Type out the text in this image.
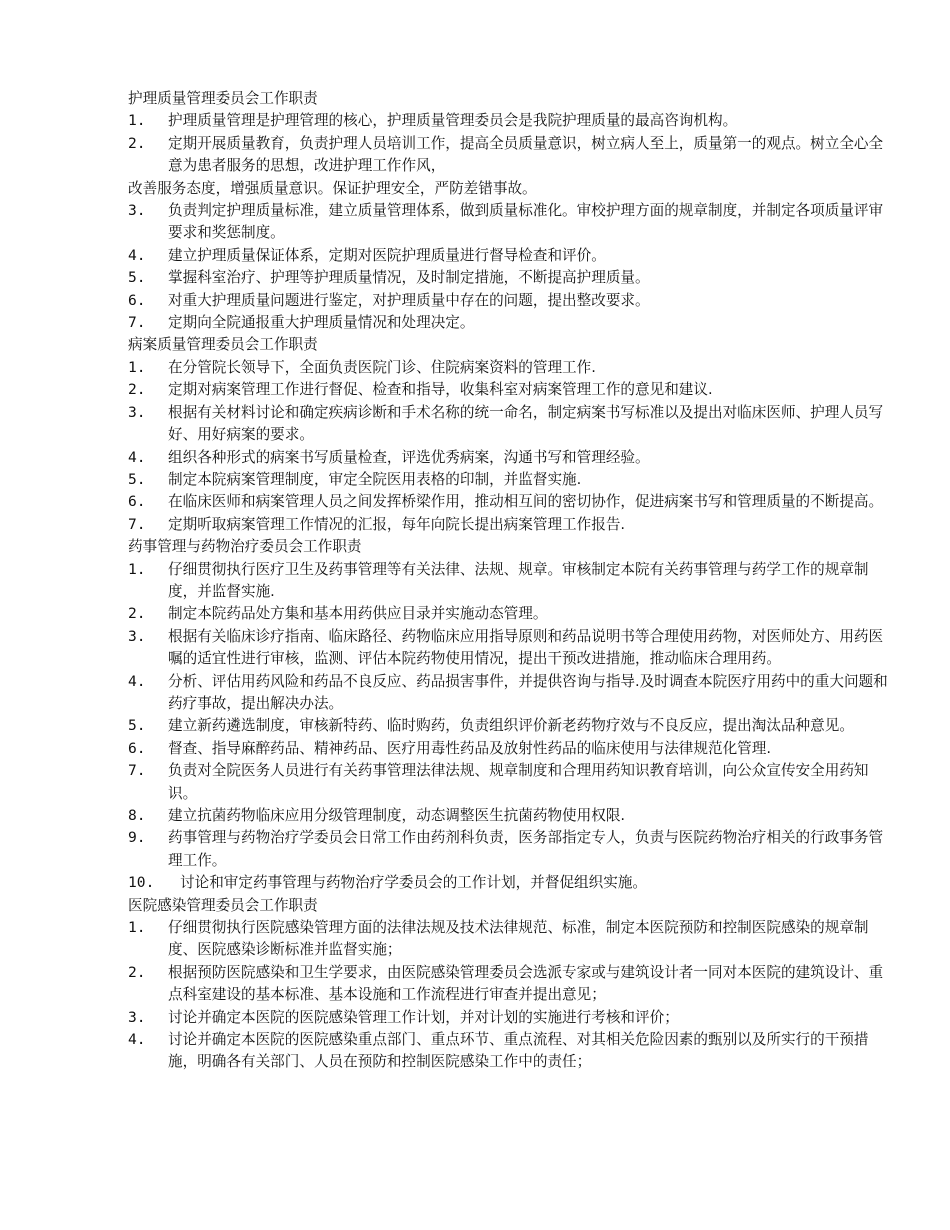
护理质量管理委员会工作职责
1.	护理质量管理是护理管理的核心，护理质量管理委员会是我院护理质量的最高咨询机构。
2.	定期开展质量教育，负责护理人员培训工作，提高全员质量意识，树立病人至上，质量第一的观点。树立全心全意为患者服务的思想，改进护理工作作风，
改善服务态度，增强质量意识。保证护理安全，严防差错事故。
3.	负责判定护理质量标准，建立质量管理体系，做到质量标准化。审校护理方面的规章制度，并制定各项质量评审要求和奖惩制度。
4.	建立护理质量保证体系，定期对医院护理质量进行督导检查和评价。
5.	掌握科室治疗、护理等护理质量情况，及时制定措施，不断提高护理质量。
6.	对重大护理质量问题进行鉴定，对护理质量中存在的问题，提出整改要求。
7.	定期向全院通报重大护理质量情况和处理决定。
病案质量管理委员会工作职责
1.	在分管院长领导下，全面负责医院门诊、住院病案资料的管理工作.
2.	定期对病案管理工作进行督促、检查和指导，收集科室对病案管理工作的意见和建议.
3.	根据有关材料讨论和确定疾病诊断和手术名称的统一命名，制定病案书写标准以及提出对临床医师、护理人员写好、用好病案的要求。
4.	组织各种形式的病案书写质量检查，评选优秀病案，沟通书写和管理经验。
5.	制定本院病案管理制度，审定全院医用表格的印制，并监督实施.
6.	在临床医师和病案管理人员之间发挥桥梁作用，推动相互间的密切协作，促进病案书写和管理质量的不断提高。
7.	定期听取病案管理工作情况的汇报，每年向院长提出病案管理工作报告.
药事管理与药物治疗委员会工作职责
1.	仔细贯彻执行医疗卫生及药事管理等有关法律、法规、规章。审核制定本院有关药事管理与药学工作的规章制度，并监督实施.
2.	制定本院药品处方集和基本用药供应目录并实施动态管理。
3.	根据有关临床诊疗指南、临床路径、药物临床应用指导原则和药品说明书等合理使用药物，对医师处方、用药医嘱的适宜性进行审核，监测、评估本院药物使用情况，提出干预改进措施，推动临床合理用药。
4.	分析、评估用药风险和药品不良反应、药品损害事件，并提供咨询与指导.及时调查本院医疗用药中的重大问题和药疗事故，提出解决办法。
5.	建立新药遴选制度，审核新特药、临时购药，负责组织评价新老药物疗效与不良反应，提出淘汰品种意见。
6.	督查、指导麻醉药品、精神药品、医疗用毒性药品及放射性药品的临床使用与法律规范化管理.
7.	负责对全院医务人员进行有关药事管理法律法规、规章制度和合理用药知识教育培训，向公众宣传安全用药知识。
8.	建立抗菌药物临床应用分级管理制度，动态调整医生抗菌药物使用权限.
9.	药事管理与药物治疗学委员会日常工作由药剂科负责，医务部指定专人，负责与医院药物治疗相关的行政事务管理工作。
10.	讨论和审定药事管理与药物治疗学委员会的工作计划，并督促组织实施。
医院感染管理委员会工作职责
1.	仔细贯彻执行医院感染管理方面的法律法规及技术法律规范、标准，制定本医院预防和控制医院感染的规章制度、医院感染诊断标准并监督实施；
2.	根据预防医院感染和卫生学要求，由医院感染管理委员会选派专家或与建筑设计者一同对本医院的建筑设计、重点科室建设的基本标准、基本设施和工作流程进行审查并提出意见；
3.	讨论并确定本医院的医院感染管理工作计划，并对计划的实施进行考核和评价；
4.	讨论并确定本医院的医院感染重点部门、重点环节、重点流程、对其相关危险因素的甄别以及所实行的干预措施，明确各有关部门、人员在预防和控制医院感染工作中的责任；
